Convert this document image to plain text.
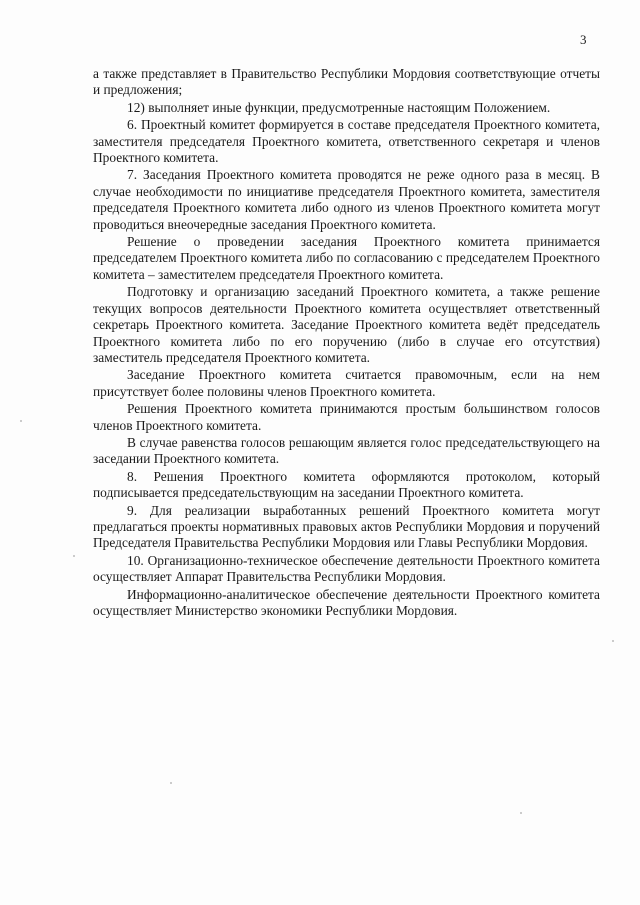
3

а также представляет в Правительство Республики Мордовия соответствующие отчеты и предложения;

12) выполняет иные функции, предусмотренные настоящим Положением.

6. Проектный комитет формируется в составе председателя Проектного комитета, заместителя председателя Проектного комитета, ответственного секретаря и членов Проектного комитета.

7. Заседания Проектного комитета проводятся не реже одного раза в месяц. В случае необходимости по инициативе председателя Проектного комитета, заместителя председателя Проектного комитета либо одного из членов Проектного комитета могут проводиться внеочередные заседания Проектного комитета.

Решение о проведении заседания Проектного комитета принимается председателем Проектного комитета либо по согласованию с председателем Проектного комитета – заместителем председателя Проектного комитета.

Подготовку и организацию заседаний Проектного комитета, а также решение текущих вопросов деятельности Проектного комитета осуществляет ответственный секретарь Проектного комитета. Заседание Проектного комитета ведёт председатель Проектного комитета либо по его поручению (либо в случае его отсутствия) заместитель председателя Проектного комитета.

Заседание Проектного комитета считается правомочным, если на нем присутствует более половины членов Проектного комитета.

Решения Проектного комитета принимаются простым большинством голосов членов Проектного комитета.

В случае равенства голосов решающим является голос председательствующего на заседании Проектного комитета.

8. Решения Проектного комитета оформляются протоколом, который подписывается председательствующим на заседании Проектного комитета.

9. Для реализации выработанных решений Проектного комитета могут предлагаться проекты нормативных правовых актов Республики Мордовия и поручений Председателя Правительства Республики Мордовия или Главы Республики Мордовия.

10. Организационно-техническое обеспечение деятельности Проектного комитета осуществляет Аппарат Правительства Республики Мордовия.

Информационно-аналитическое обеспечение деятельности Проектного комитета осуществляет Министерство экономики Республики Мордовия.
